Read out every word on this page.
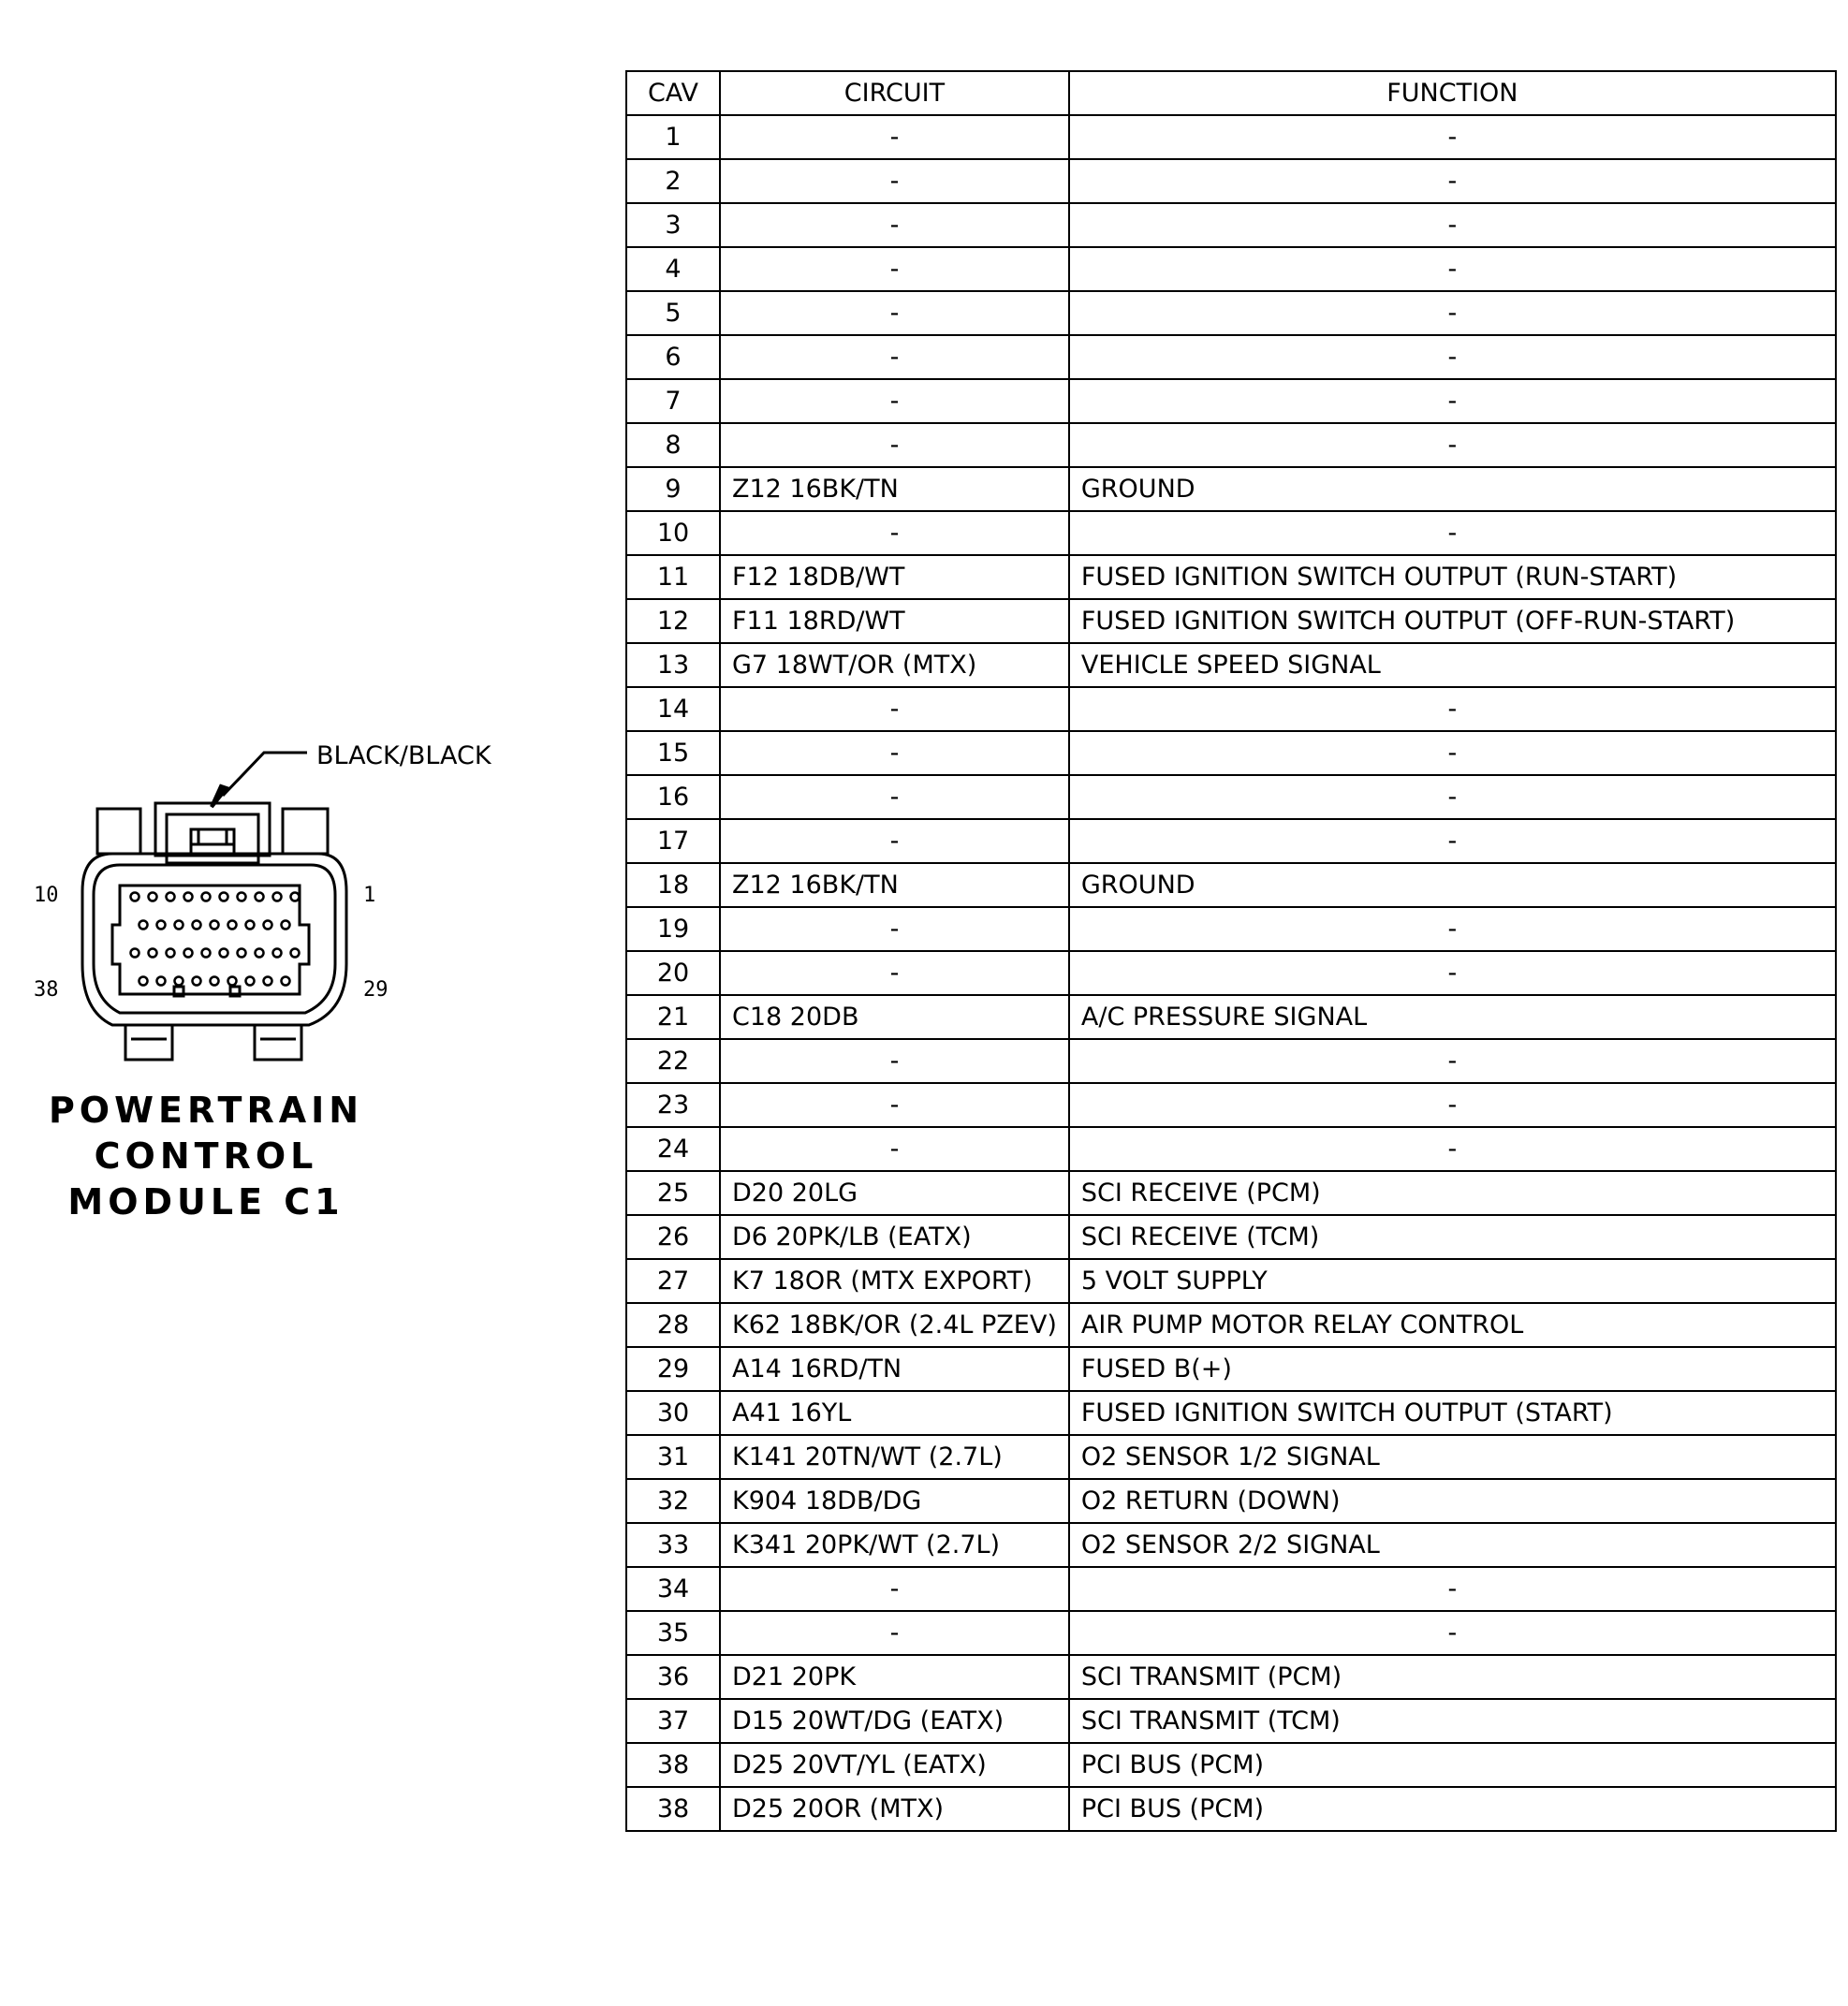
BLACK/BLACK
10	1
38	29
POWERTRAIN
CONTROL
MODULE C1
CAV	CIRCUIT	FUNCTION
1	-	-
2	-	-
3	-	-
4	-	-
5	-	-
6	-	-
7	-	-
8	-	-
9	Z12 16BK/TN	GROUND
10	-	-
11	F12 18DB/WT	FUSED IGNITION SWITCH OUTPUT (RUN-START)
12	F11 18RD/WT	FUSED IGNITION SWITCH OUTPUT (OFF-RUN-START)
13	G7 18WT/OR (MTX)	VEHICLE SPEED SIGNAL
14	-	-
15	-	-
16	-	-
17	-	-
18	Z12 16BK/TN	GROUND
19	-	-
20	-	-
21	C18 20DB	A/C PRESSURE SIGNAL
22	-	-
23	-	-
24	-	-
25	D20 20LG	SCI RECEIVE (PCM)
26	D6 20PK/LB (EATX)	SCI RECEIVE (TCM)
27	K7 18OR (MTX EXPORT)	5 VOLT SUPPLY
28	K62 18BK/OR (2.4L PZEV)	AIR PUMP MOTOR RELAY CONTROL
29	A14 16RD/TN	FUSED B(+)
30	A41 16YL	FUSED IGNITION SWITCH OUTPUT (START)
31	K141 20TN/WT (2.7L)	O2 SENSOR 1/2 SIGNAL
32	K904 18DB/DG	O2 RETURN (DOWN)
33	K341 20PK/WT (2.7L)	O2 SENSOR 2/2 SIGNAL
34	-	-
35	-	-
36	D21 20PK	SCI TRANSMIT (PCM)
37	D15 20WT/DG (EATX)	SCI TRANSMIT (TCM)
38	D25 20VT/YL (EATX)	PCI BUS (PCM)
38	D25 20OR (MTX)	PCI BUS (PCM)
